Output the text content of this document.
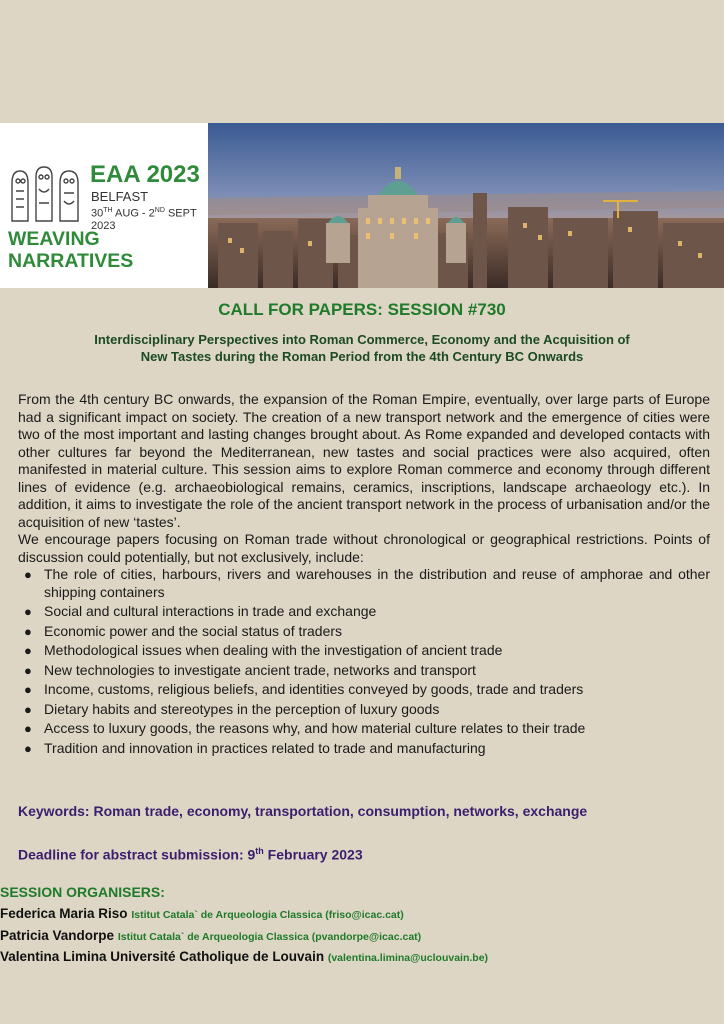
EAA 2023
BELFAST
30TH AUG - 2ND SEPT 2023
WEAVING NARRATIVES
CALL FOR PAPERS: SESSION #730
Interdisciplinary Perspectives into Roman Commerce, Economy and the Acquisition of
New Tastes during the Roman Period from the 4th Century BC Onwards

From the 4th century BC onwards, the expansion of the Roman Empire, eventually, over large parts of Europe had a significant impact on society. The creation of a new transport network and the emergence of cities were two of the most important and lasting changes brought about. As Rome expanded and developed contacts with other cultures far beyond the Mediterranean, new tastes and social practices were also acquired, often manifested in material culture. This session aims to explore Roman commerce and economy through different lines of evidence (e.g. archaeobiological remains, ceramics, inscriptions, landscape archaeology etc.). In addition, it aims to investigate the role of the ancient transport network in the process of urbanisation and/or the acquisition of new ‘tastes’.

We encourage papers focusing on Roman trade without chronological or geographical restrictions. Points of discussion could potentially, but not exclusively, include:

● The role of cities, harbours, rivers and warehouses in the distribution and reuse of amphorae and other shipping containers
● Social and cultural interactions in trade and exchange
● Economic power and the social status of traders
● Methodological issues when dealing with the investigation of ancient trade
● New technologies to investigate ancient trade, networks and transport
● Income, customs, religious beliefs, and identities conveyed by goods, trade and traders
● Dietary habits and stereotypes in the perception of luxury goods
● Access to luxury goods, the reasons why, and how material culture relates to their trade
● Tradition and innovation in practices related to trade and manufacturing
Keywords: Roman trade, economy, transportation, consumption, networks, exchange
Deadline for abstract submission: 9th February 2023
SESSION ORGANISERS:
Federica Maria Riso Istitut Catala` de Arqueologia Classica (friso@icac.cat)
Patricia Vandorpe Istitut Catala` de Arqueologia Classica (pvandorpe@icac.cat)
Valentina Limina Université Catholique de Louvain (valentina.limina@uclouvain.be)
